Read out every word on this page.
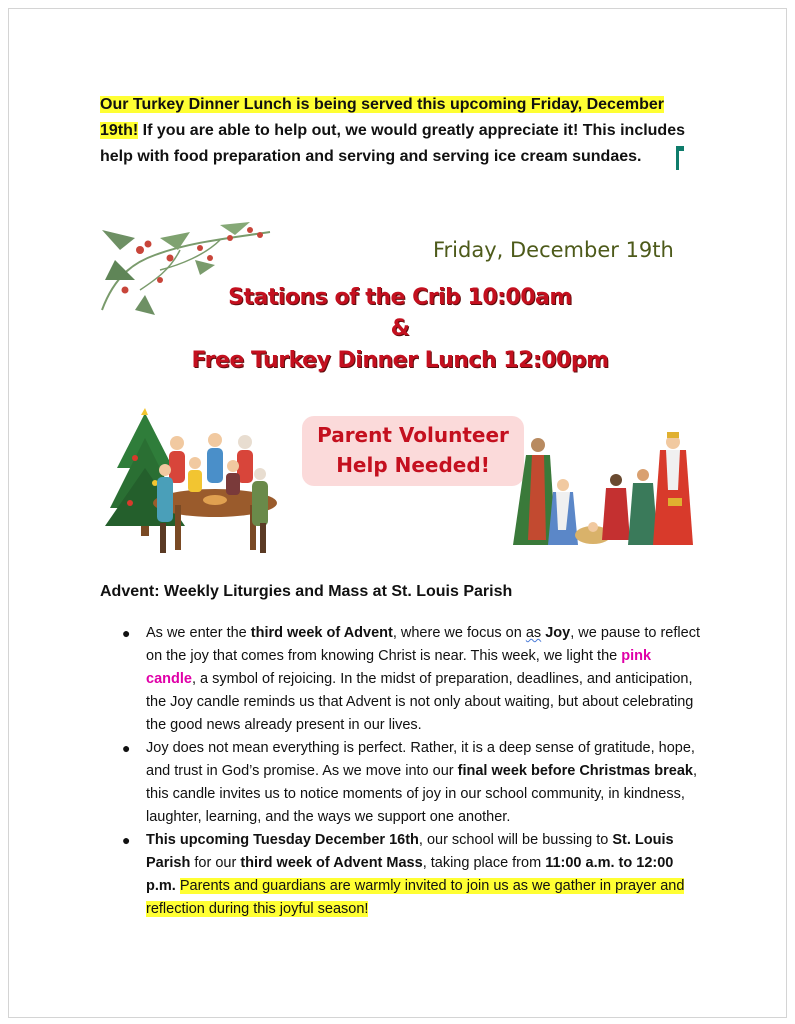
Our Turkey Dinner Lunch is being served this upcoming Friday, December 19th! If you are able to help out, we would greatly appreciate it! This includes help with food preparation and serving and serving ice cream sundaes.
Friday, December 19th
Stations of the Crib 10:00am
&
Free Turkey Dinner Lunch 12:00pm
Parent Volunteer
Help Needed!
Advent: Weekly Liturgies and Mass at St. Louis Parish
● As we enter the third week of Advent, where we focus on as Joy, we pause to reflect on the joy that comes from knowing Christ is near. This week, we light the pink candle, a symbol of rejoicing. In the midst of preparation, deadlines, and anticipation, the Joy candle reminds us that Advent is not only about waiting, but about celebrating the good news already present in our lives.
● Joy does not mean everything is perfect. Rather, it is a deep sense of gratitude, hope, and trust in God’s promise. As we move into our final week before Christmas break, this candle invites us to notice moments of joy in our school community, in kindness, laughter, learning, and the ways we support one another.
● This upcoming Tuesday December 16th, our school will be bussing to St. Louis Parish for our third week of Advent Mass, taking place from 11:00 a.m. to 12:00 p.m. Parents and guardians are warmly invited to join us as we gather in prayer and reflection during this joyful season!
